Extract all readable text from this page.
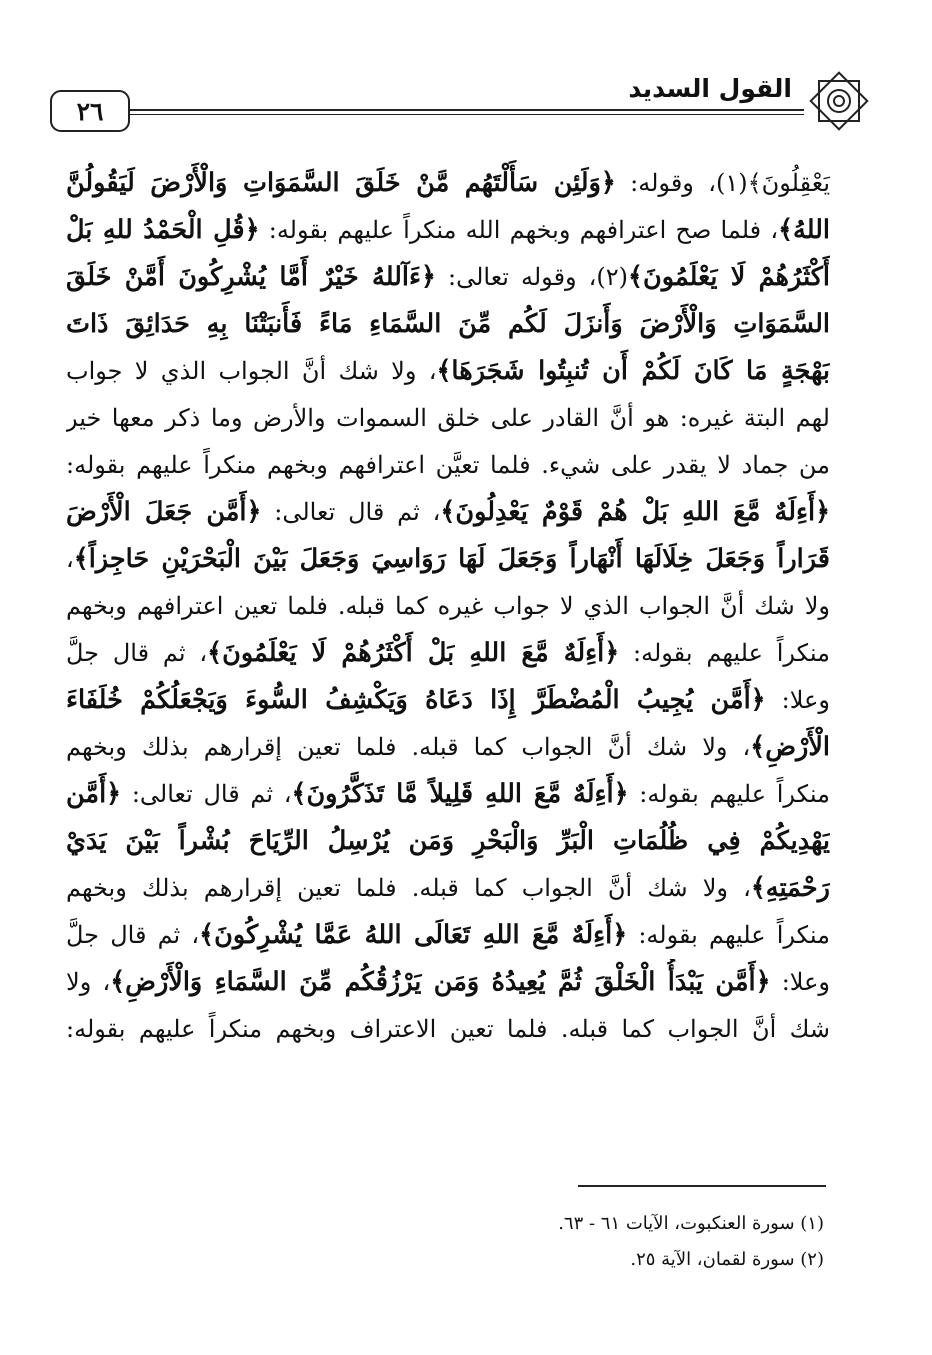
القول السديد
٢٦
يَعْقِلُونَ﴾(١)، وقوله: ﴿وَلَئِن سَأَلْتَهُم مَّنْ خَلَقَ السَّمَوَاتِ وَالْأَرْضَ لَيَقُولُنَّ
اللهُ﴾، فلما صح اعترافهم وبخهم الله منكراً عليهم بقوله: ﴿قُلِ الْحَمْدُ للهِ بَلْ
أَكْثَرُهُمْ لَا يَعْلَمُونَ﴾(٢)، وقوله تعالى: ﴿ءَآللهُ خَيْرٌ أَمَّا يُشْرِكُونَ أَمَّنْ خَلَقَ
السَّمَوَاتِ وَالْأَرْضَ وَأَنزَلَ لَكُم مِّنَ السَّمَاءِ مَاءً فَأَنبَتْنَا بِهِ حَدَائِقَ ذَاتَ
بَهْجَةٍ مَا كَانَ لَكُمْ أَن تُنبِتُوا شَجَرَهَا﴾، ولا شك أنَّ الجواب الذي لا جواب
لهم البتة غيره: هو أنَّ القادر على خلق السموات والأرض وما ذكر معها خير
من جماد لا يقدر على شيء. فلما تعيَّن اعترافهم وبخهم منكراً عليهم بقوله:
﴿أَءِلَهٌ مَّعَ اللهِ بَلْ هُمْ قَوْمٌ يَعْدِلُونَ﴾، ثم قال تعالى: ﴿أَمَّن جَعَلَ الْأَرْضَ
قَرَاراً وَجَعَلَ خِلَالَهَا أَنْهَاراً وَجَعَلَ لَهَا رَوَاسِيَ وَجَعَلَ بَيْنَ الْبَحْرَيْنِ حَاجِزاً﴾،
ولا شك أنَّ الجواب الذي لا جواب غيره كما قبله. فلما تعين اعترافهم وبخهم
منكراً عليهم بقوله: ﴿أَءِلَهٌ مَّعَ اللهِ بَلْ أَكْثَرُهُمْ لَا يَعْلَمُونَ﴾، ثم قال جلَّ
وعلا: ﴿أَمَّن يُجِيبُ الْمُضْطَرَّ إِذَا دَعَاهُ وَيَكْشِفُ السُّوءَ وَيَجْعَلُكُمْ خُلَفَاءَ
الْأَرْضِ﴾، ولا شك أنَّ الجواب كما قبله. فلما تعين إقرارهم بذلك وبخهم
منكراً عليهم بقوله: ﴿أَءِلَهٌ مَّعَ اللهِ قَلِيلاً مَّا تَذَكَّرُونَ﴾، ثم قال تعالى: ﴿أَمَّن
يَهْدِيكُمْ فِي ظُلُمَاتِ الْبَرِّ وَالْبَحْرِ وَمَن يُرْسِلُ الرِّيَاحَ بُشْراً بَيْنَ يَدَيْ
رَحْمَتِهِ﴾، ولا شك أنَّ الجواب كما قبله. فلما تعين إقرارهم بذلك وبخهم
منكراً عليهم بقوله: ﴿أَءِلَهٌ مَّعَ اللهِ تَعَالَى اللهُ عَمَّا يُشْرِكُونَ﴾، ثم قال جلَّ
وعلا: ﴿أَمَّن يَبْدَأُ الْخَلْقَ ثُمَّ يُعِيدُهُ وَمَن يَرْزُقُكُم مِّنَ السَّمَاءِ وَالْأَرْضِ﴾، ولا
شك أنَّ الجواب كما قبله. فلما تعين الاعتراف وبخهم منكراً عليهم بقوله:
(١) سورة العنكبوت، الآيات ٦١ - ٦٣.
(٢) سورة لقمان، الآية ٢٥.
